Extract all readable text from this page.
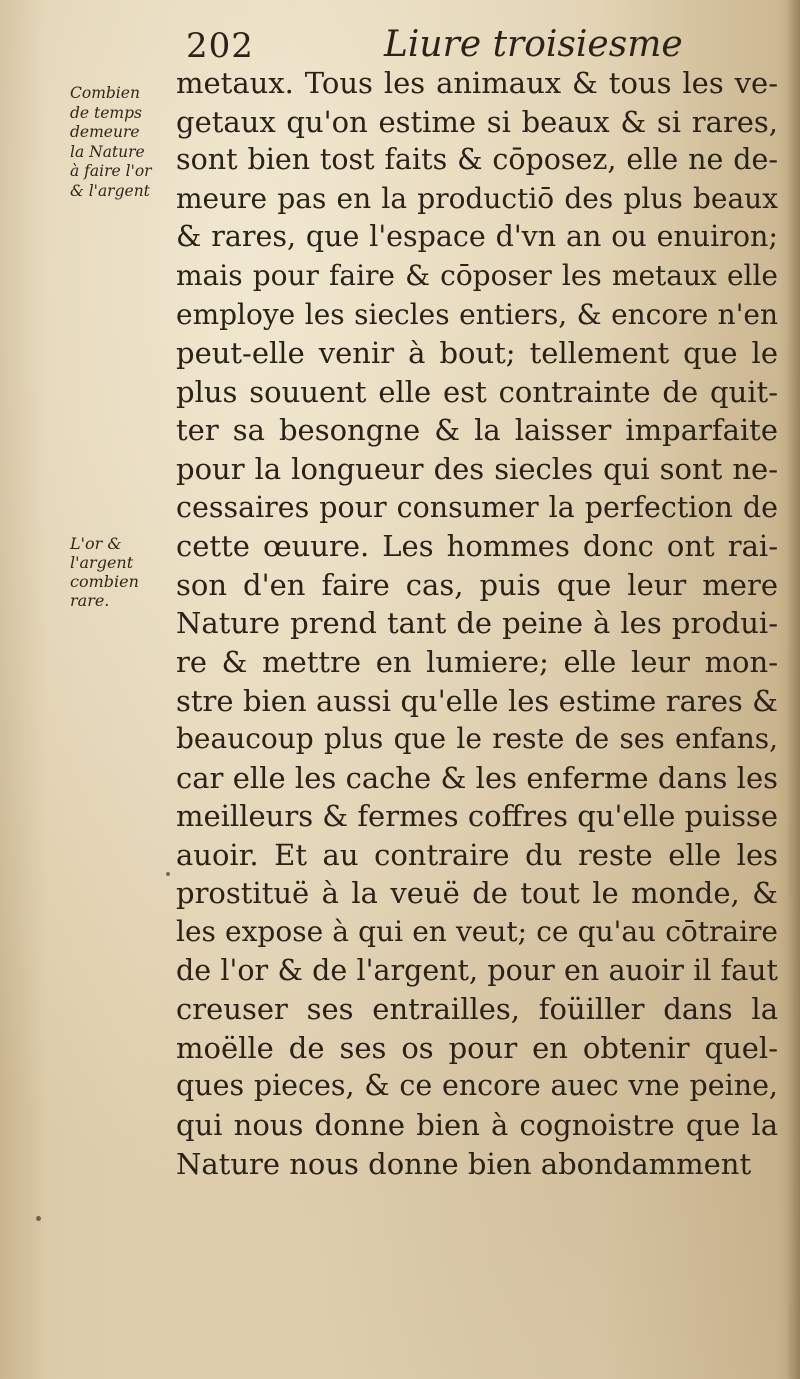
202	Liure troisiesme
Combien
de temps
demeure
la Nature
à faire l'or
& l'argent
L'or &
l'argent
combien
rare.
metaux. Tous les animaux & tous les ve-
getaux qu'on estime si beaux & si rares,
sont bien tost faits & cōposez, elle ne de-
meure pas en la productiō des plus beaux
& rares, que l'espace d'vn an ou enuiron;
mais pour faire & cōposer les metaux elle
employe les siecles entiers, & encore n'en
peut-elle venir à bout; tellement que le
plus souuent elle est contrainte de quit-
ter sa besongne & la laisser imparfaite
pour la longueur des siecles qui sont ne-
cessaires pour consumer la perfection de
cette œuure. Les hommes donc ont rai-
son d'en faire cas, puis que leur mere
Nature prend tant de peine à les produi-
re & mettre en lumiere; elle leur mon-
stre bien aussi qu'elle les estime rares &
beaucoup plus que le reste de ses enfans,
car elle les cache & les enferme dans les
meilleurs & fermes coffres qu'elle puisse
auoir. Et au contraire du reste elle les
prostituë à la veuë de tout le monde, &
les expose à qui en veut; ce qu'au cōtraire
de l'or & de l'argent, pour en auoir il faut
creuser ses entrailles, foüiller dans la
moëlle de ses os pour en obtenir quel-
ques pieces, & ce encore auec vne peine,
qui nous donne bien à cognoistre que la
Nature nous donne bien abondamment
